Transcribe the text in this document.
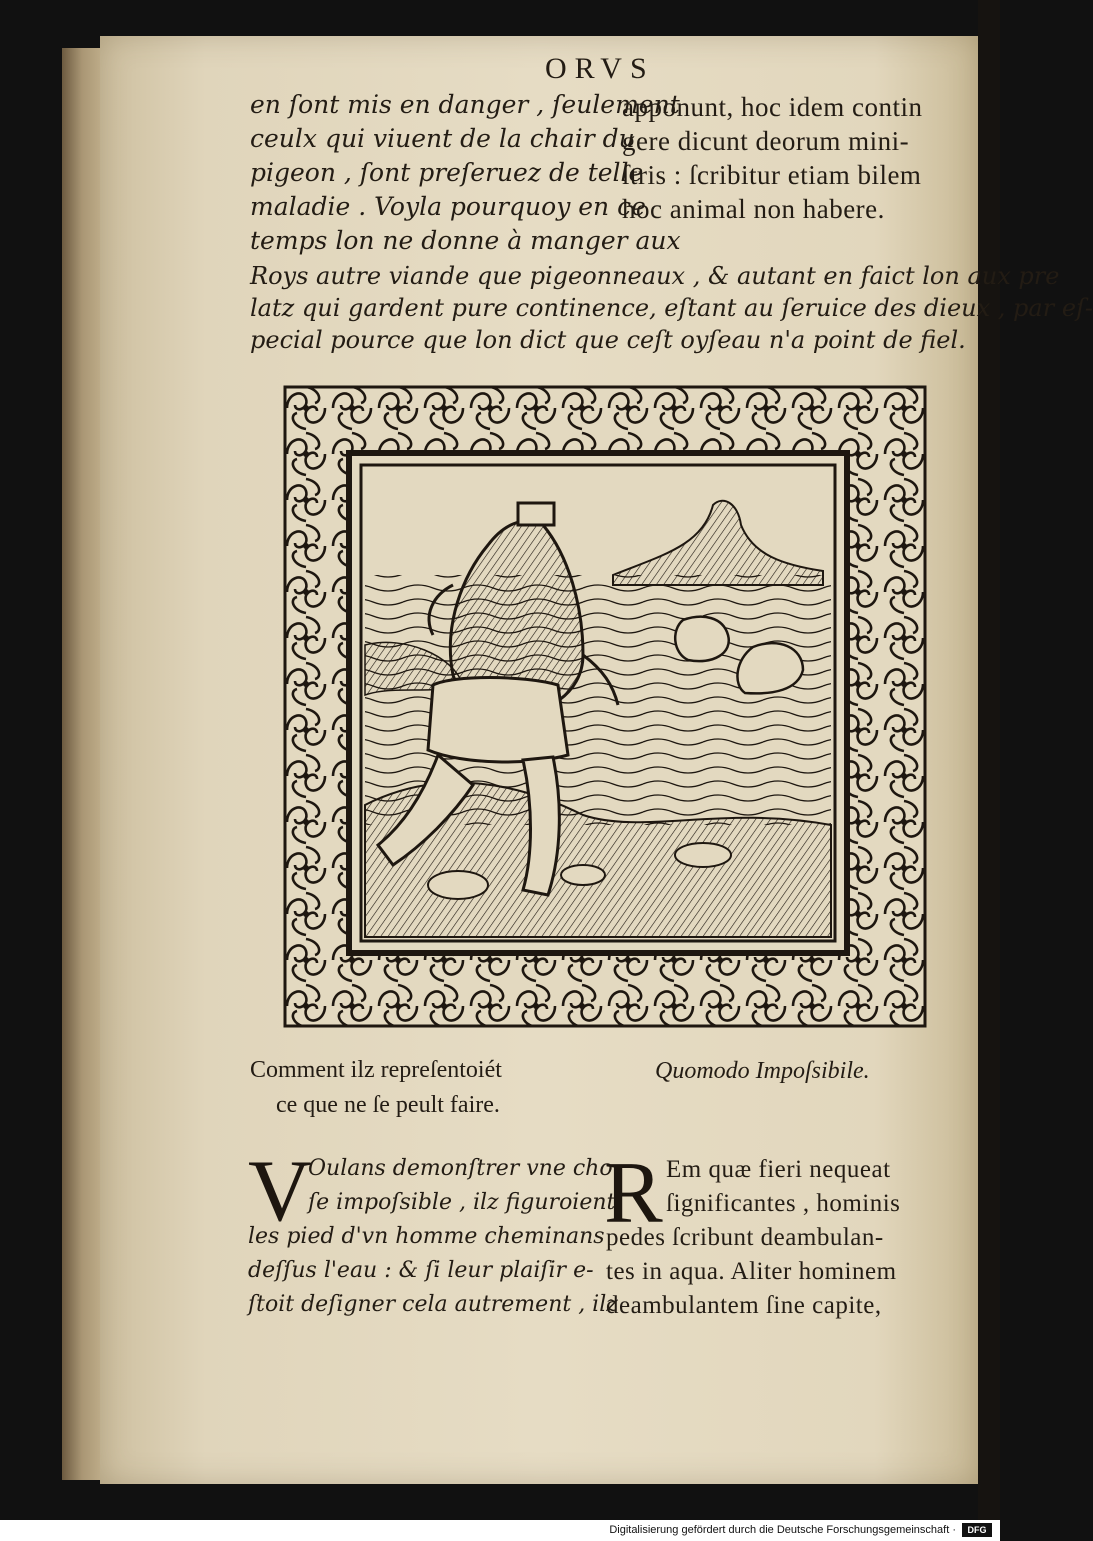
ORVS
en ſont mis en danger , ſeulement
ceulx qui viuent de la chair du
pigeon , ſont preſeruez de telle
maladie . Voyla pourquoy en ce
temps lon ne donne à manger aux
apponunt, hoc idem contin
gere dicunt deorum mini-
ſtris : ſcribitur etiam bilem
hoc animal non habere.
Roys autre viande que pigeonneaux , & autant en faict lon aux pre
latz qui gardent pure continence, eſtant au ſeruice des dieux , par eſ-
pecial pource que lon dict que ceſt oyſeau n'a point de fiel.
Comment ilz repreſentoiét
ce que ne ſe peult faire.
Quomodo Impoſsibile.
V
Oulans demonſtrer vne cho
ſe impoſsible , ilz figuroient
les pied d'vn homme cheminans
deſſus l'eau : & ſi leur plaiſir e-
ſtoit deſigner cela autrement , ilz
R Em quæ fieri nequeat
ſignificantes , hominis
pedes ſcribunt deambulan-
tes in aqua. Aliter hominem
deambulantem ſine capite,
Digitalisierung gefördert durch die Deutsche Forschungsgemeinschaft ·	DFG
